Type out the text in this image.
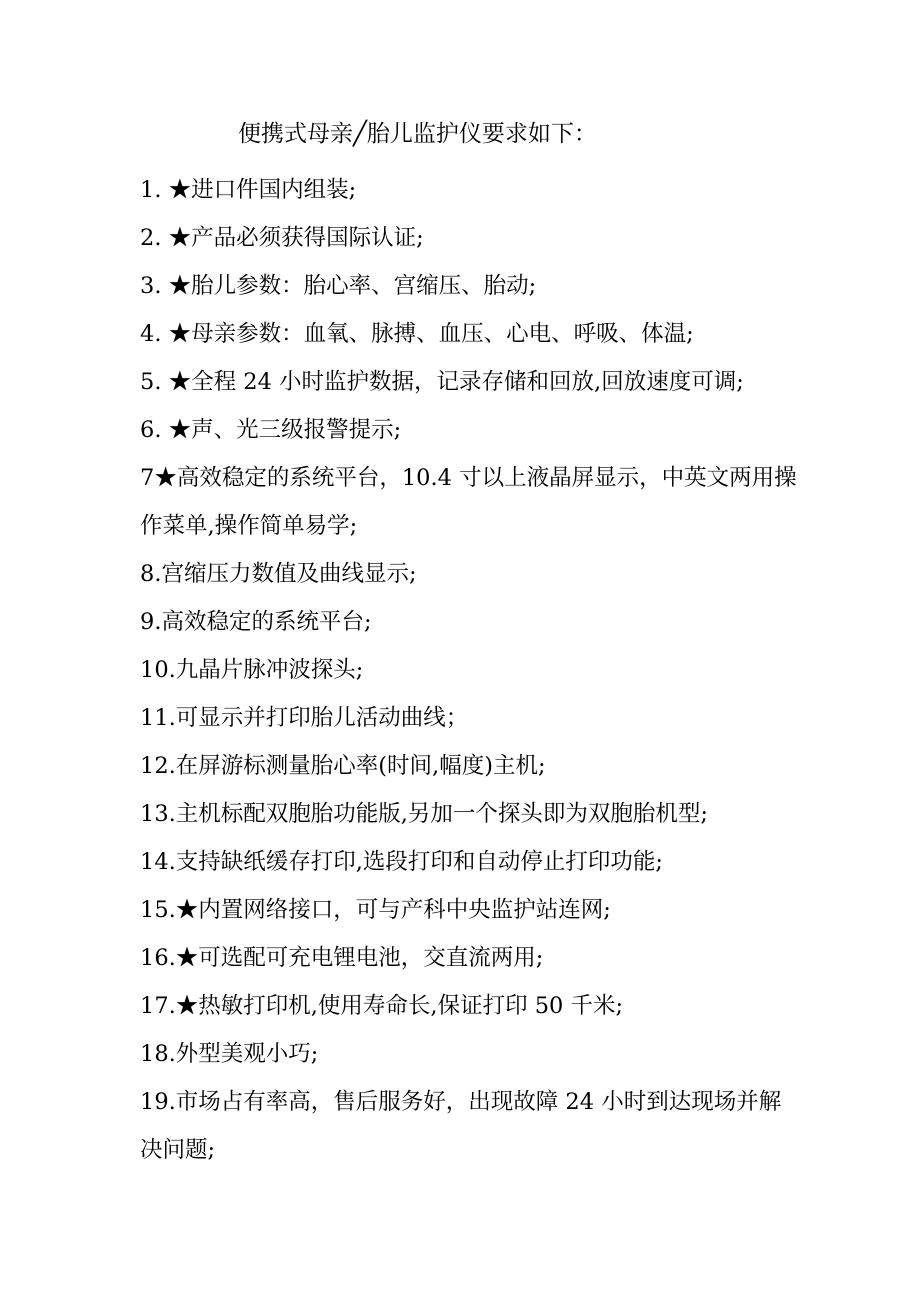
便携式母亲╱胎儿监护仪要求如下：

1. ★进口件国内组装;

2. ★产品必须获得国际认证;

3. ★胎儿参数：胎心率、宫缩压、胎动;

4. ★母亲参数：血氧、脉搏、血压、心电、呼吸、体温;

5. ★全程 24 小时监护数据，记录存储和回放,回放速度可调;

6. ★声、光三级报警提示;

7★高效稳定的系统平台，10.4 寸以上液晶屏显示，中英文两用操作菜单,操作简单易学;

8.宫缩压力数值及曲线显示;

9.高效稳定的系统平台;

10.九晶片脉冲波探头;

11.可显示并打印胎儿活动曲线；

12.在屏游标测量胎心率(时间,幅度)主机;

13.主机标配双胞胎功能版,另加一个探头即为双胞胎机型;

14.支持缺纸缓存打印,选段打印和自动停止打印功能;

15.★内置网络接口，可与产科中央监护站连网;

16.★可选配可充电锂电池，交直流两用;

17.★热敏打印机,使用寿命长,保证打印 50 千米;

18.外型美观小巧;

19.市场占有率高，售后服务好，出现故障 24 小时到达现场并解决问题;
